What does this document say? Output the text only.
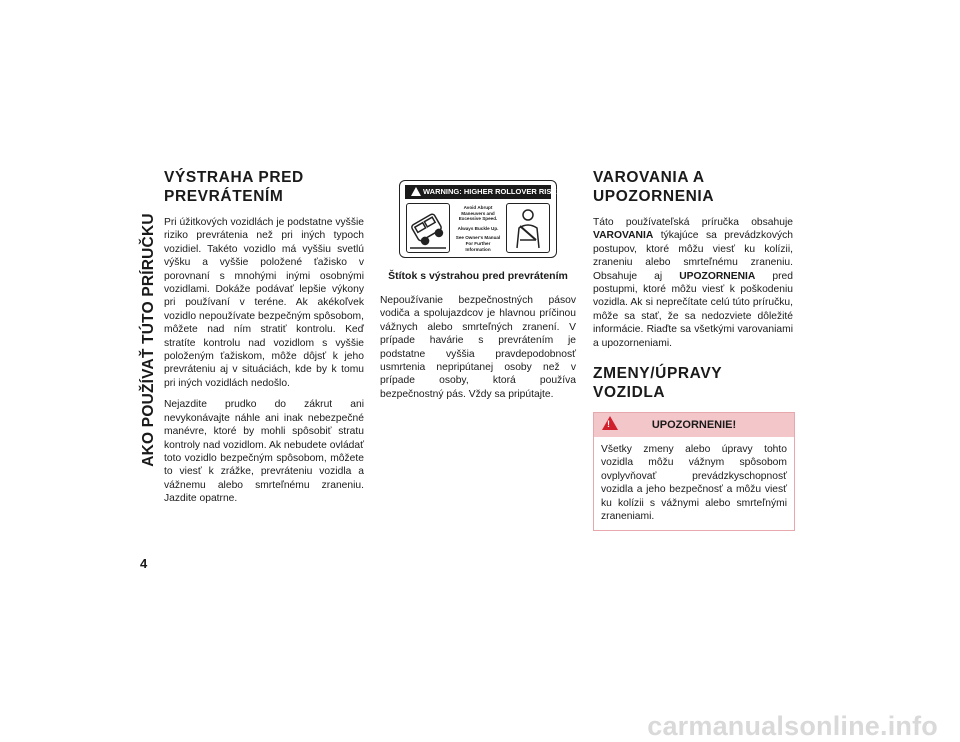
AKO POUŽÍVAŤ TÚTO PRÍRUČKU
4
VÝSTRAHA PRED PREVRÁTENÍM

Pri úžitkových vozidlách je podstatne vyššie riziko prevrátenia než pri iných typoch vozidiel. Takéto vozidlo má vyššiu svetlú výšku a vyššie položené ťažisko v porovnaní s mnohými inými osobnými vozidlami. Dokáže podávať lepšie výkony pri používaní v teréne. Ak akékoľvek vozidlo nepoužívate bezpečným spôsobom, môžete nad ním stratiť kontrolu. Keď stratíte kontrolu nad vozidlom s vyššie položeným ťažiskom, môže dôjsť k jeho prevráteniu aj v situáciách, kde by k tomu pri iných vozidlách nedošlo.

Nejazdite prudko do zákrut ani nevykonávajte náhle ani inak nebezpečné manévre, ktoré by mohli spôsobiť stratu kontroly nad vozidlom. Ak nebudete ovládať toto vozidlo bezpečným spôsobom, môžete to viesť k zrážke, prevráteniu vozidla a vážnemu alebo smrteľnému zraneniu. Jazdite opatrne.

WARNING: HIGHER ROLLOVER RISK
Avoid Abrupt Maneuvers and Excessive Speed.
Always Buckle Up.
See Owner's Manual For Further Information
Štítok s výstrahou pred prevrátením

Nepoužívanie bezpečnostných pásov vodiča a spolujazdcov je hlavnou príčinou vážnych alebo smrteľných zranení. V prípade havárie s prevrátením je podstatne vyššia pravdepodobnosť usmrtenia nepripútanej osoby než v prípade osoby, ktorá používa bezpečnostný pás. Vždy sa pripútajte.

VAROVANIA A UPOZORNENIA

Táto používateľská príručka obsahuje VAROVANIA týkajúce sa prevádzkových postupov, ktoré môžu viesť ku kolízii, zraneniu alebo smrteľnému zraneniu. Obsahuje aj UPOZORNENIA pred postupmi, ktoré môžu viesť k poškodeniu vozidla. Ak si neprečítate celú túto príručku, môže sa stať, že sa nedozviete dôležité informácie. Riaďte sa všetkými varovaniami a upozorneniami.

ZMENY/ÚPRAVY VOZIDLA
!	UPOZORNENIE!

Všetky zmeny alebo úpravy tohto vozidla môžu vážnym spôsobom ovplyvňovať prevádzkyschopnosť vozidla a jeho bezpečnosť a môžu viesť ku kolízii s vážnymi alebo smrteľnými zraneniami.

carmanualsonline.info
